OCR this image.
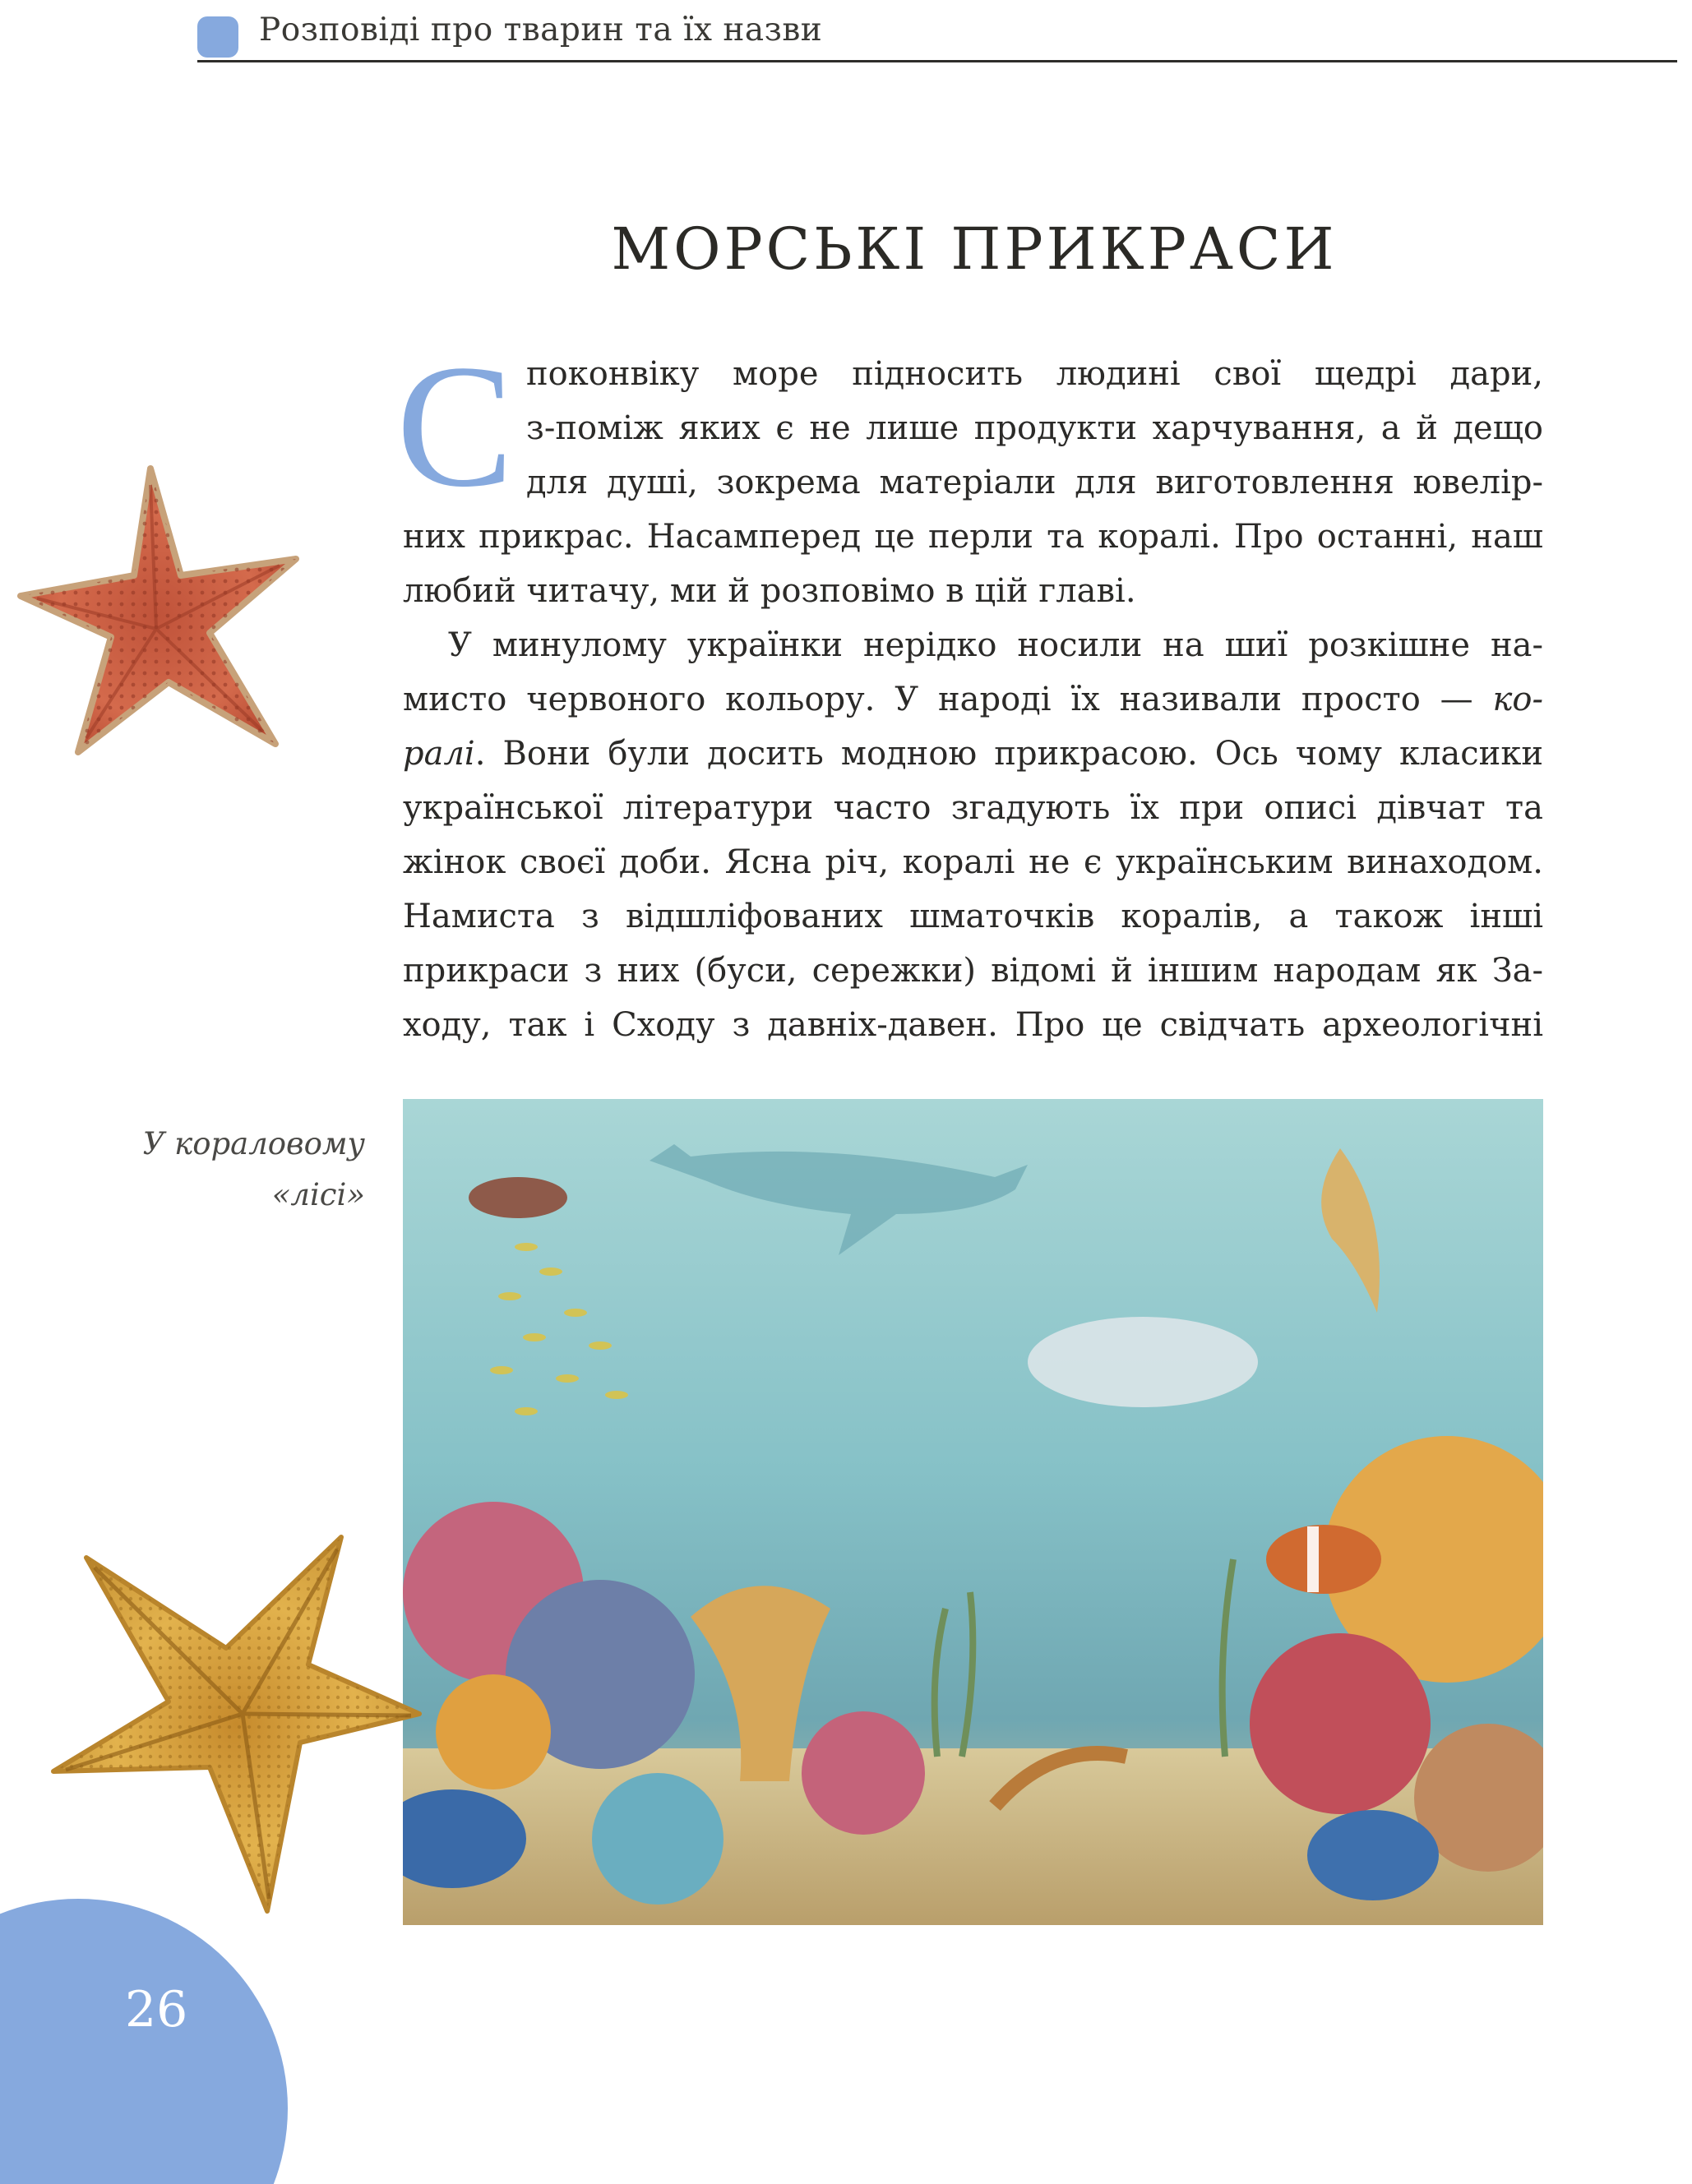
Розповіді про тварин та їх назви
МОРСЬКІ ПРИКРАСИ
С поконвіку море підносить людині свої щедрі дари,
з-поміж яких є не лише продукти харчування, а й дещо
для душі, зокрема матеріали для виготовлення ювелір-
них прикрас. Насамперед це перли та коралі. Про останні, наш
любий читачу, ми й розповімо в цій главі.
У минулому українки нерідко носили на шиї розкішне на-
мисто червоного кольору. У народі їх називали просто — ко-
ралі. Вони були досить модною прикрасою. Ось чому класики
української літератури часто згадують їх при описі дівчат та
жінок своєї доби. Ясна річ, коралі не є українським винаходом.
Намиста з відшліфованих шматочків коралів, а також інші
прикраси з них (буси, сережки) відомі й іншим народам як За-
ходу, так і Сходу з давніх-давен. Про це свідчать археологічні
У кораловому
«лісі»
26
